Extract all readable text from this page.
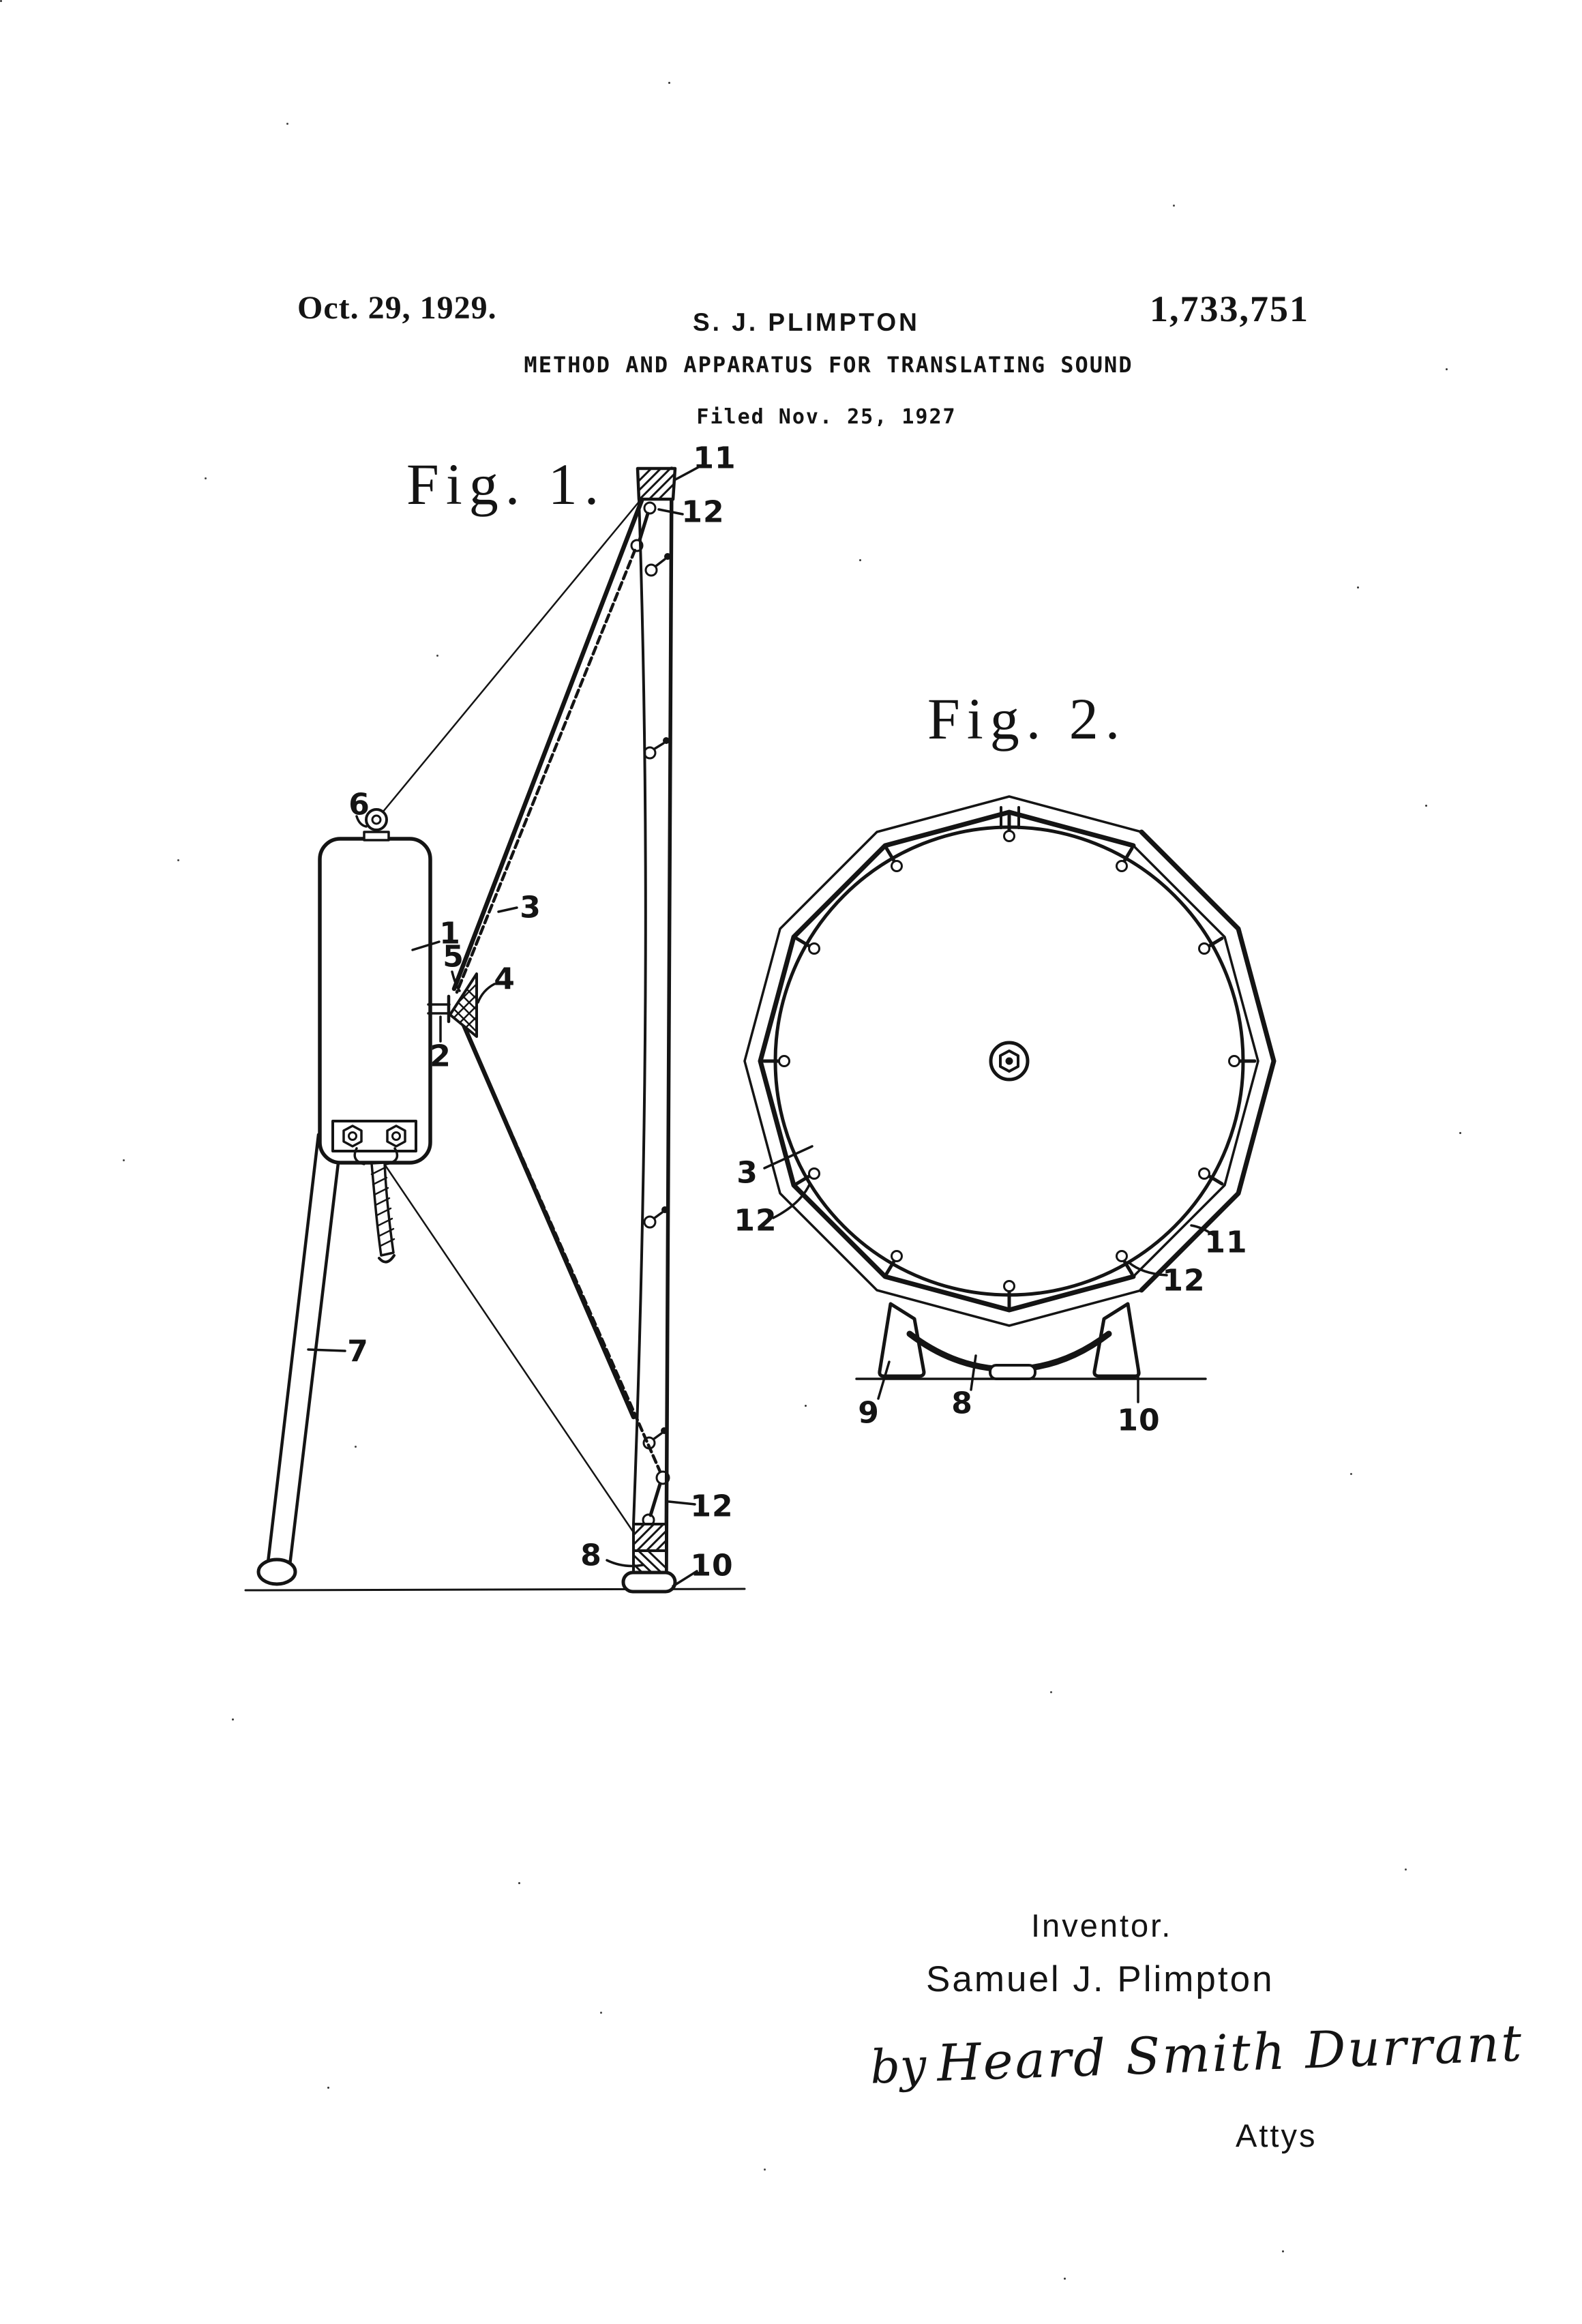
Oct. 29, 1929.	S. J. PLIMPTON	1,733,751
METHOD AND APPARATUS FOR TRANSLATING SOUND
Filed Nov. 25, 1927
Fig. 1.
Fig. 2.
11
12
6
3
1
5
4
2
7
12
8	10
3
12
11
12
9 8	10
Inventor.
Samuel J. Plimpton
by Heard Smith Durrant
Attys
